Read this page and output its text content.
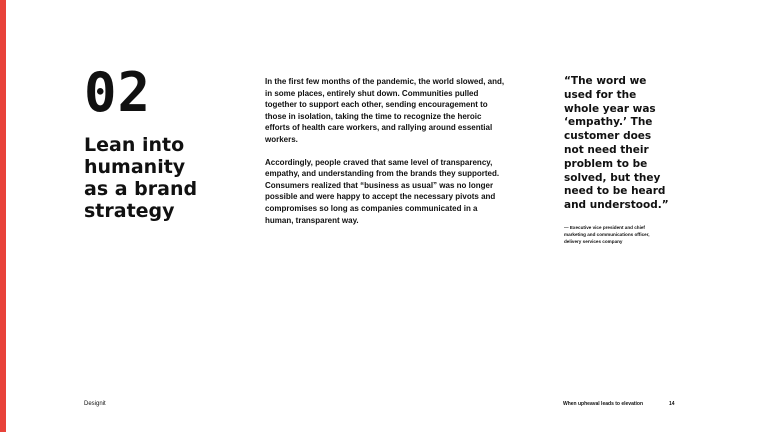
02
Lean into
humanity
as a brand
strategy

In the first few months of the pandemic, the world slowed, and, in some places, entirely shut down. Communities pulled together to support each other, sending encouragement to those in isolation, taking the time to recognize the heroic efforts of health care workers, and rallying around essential workers.

Accordingly, people craved that same level of transparency, empathy, and understanding from the brands they supported. Consumers realized that “business as usual” was no longer possible and were happy to accept the necessary pivots and compromises so long as companies communicated in a human, transparent way.

“The word we used for the whole year was ‘empathy.’ The customer does not need their problem to be solved, but they need to be heard and understood.”

— Executive vice president and chief marketing and communications officer, delivery services company

Designit	When upheaval leads to elevation	14
